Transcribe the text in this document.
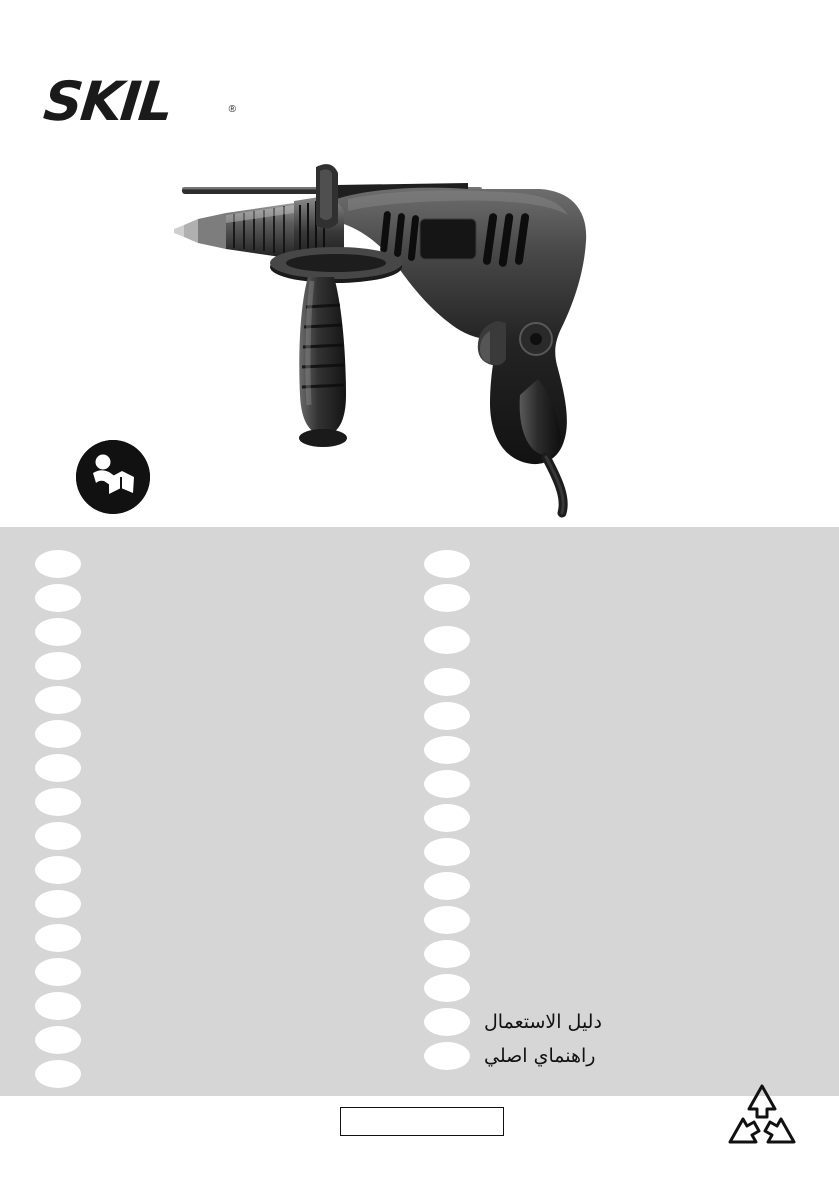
SKIL	®
دليل الاستعمال
راهنماي اصلي
